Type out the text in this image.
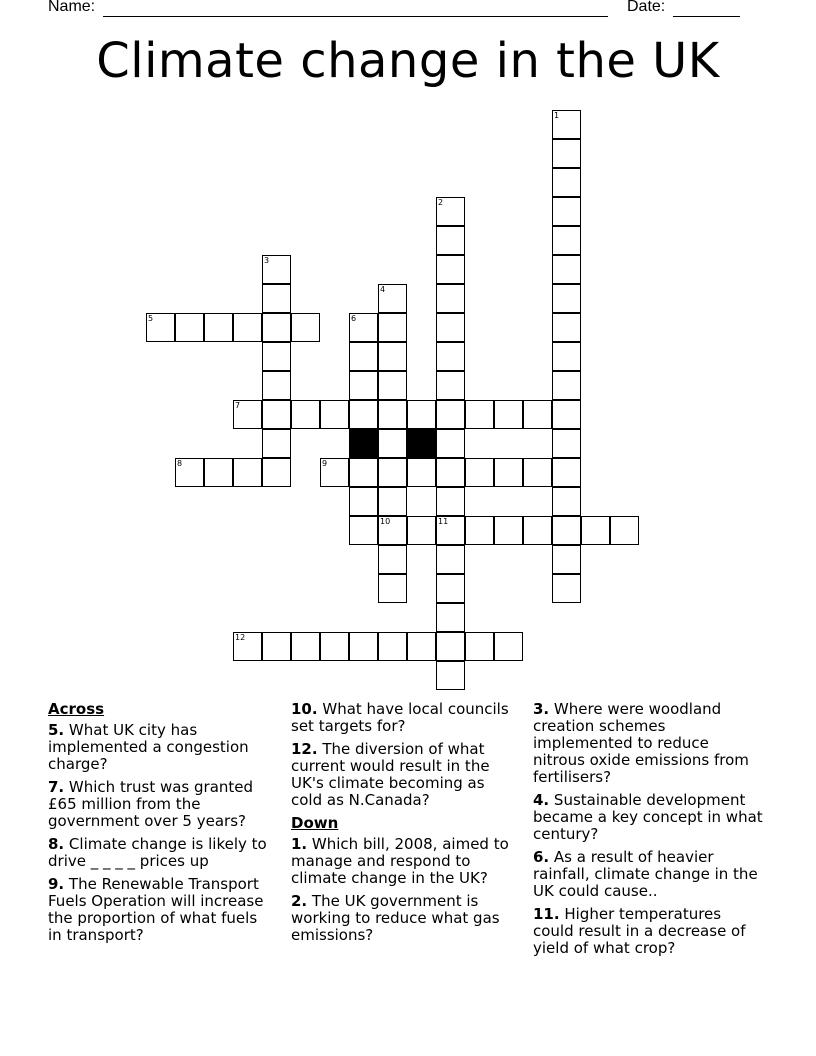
Name:	Date:
Climate change in the UK
1
2
3
4
5	6
7
8	9
10	11
12
Across
5. What UK city has implemented a congestion charge?
7. Which trust was granted £65 million from the government over 5 years?
8. Climate change is likely to drive _ _ _ _ prices up
9. The Renewable Transport Fuels Operation will increase the proportion of what fuels in transport?
10. What have local councils set targets for?
12. The diversion of what current would result in the UK's climate becoming as cold as N.Canada?
Down
1. Which bill, 2008, aimed to manage and respond to climate change in the UK?
2. The UK government is working to reduce what gas emissions?
3. Where were woodland creation schemes implemented to reduce nitrous oxide emissions from fertilisers?
4. Sustainable development became a key concept in what century?
6. As a result of heavier rainfall, climate change in the UK could cause..
11. Higher temperatures could result in a decrease of yield of what crop?
